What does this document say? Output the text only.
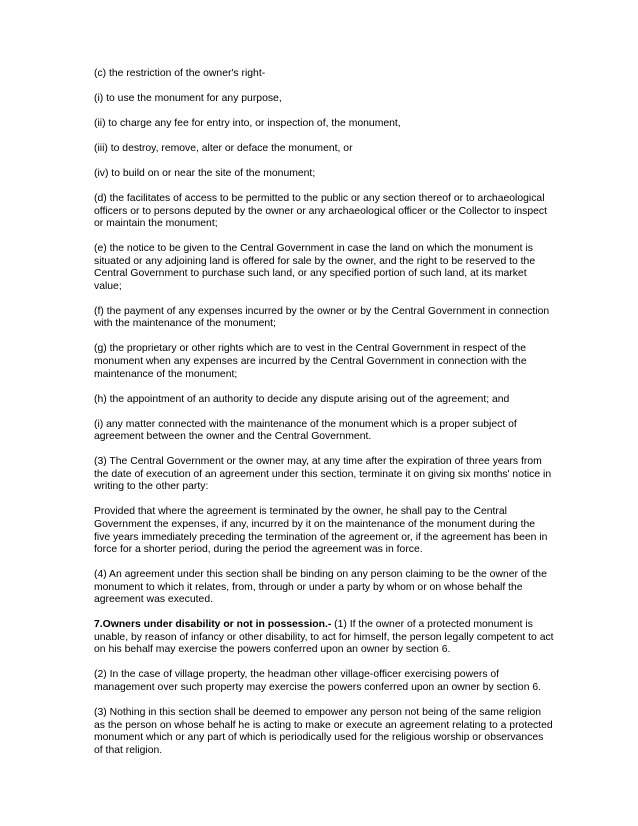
(c) the restriction of the owner's right-

(i) to use the monument for any purpose,

(ii) to charge any fee for entry into, or inspection of, the monument,

(iii) to destroy, remove, alter or deface the monument, or

(iv) to build on or near the site of the monument;

(d) the facilitates of access to be permitted to the public or any section thereof or to archaeological officers or to persons deputed by the owner or any archaeological officer or the Collector to inspect or maintain the monument;

(e) the notice to be given to the Central Government in case the land on which the monument is situated or any adjoining land is offered for sale by the owner, and the right to be reserved to the Central Government to purchase such land, or any specified portion of such land, at its market value;

(f) the payment of any expenses incurred by the owner or by the Central Government in connection with the maintenance of the monument;

(g) the proprietary or other rights which are to vest in the Central Government in respect of the monument when any expenses are incurred by the Central Government in connection with the maintenance of the monument;

(h) the appointment of an authority to decide any dispute arising out of the agreement; and

(i) any matter connected with the maintenance of the monument which is a proper subject of agreement between the owner and the Central Government.

(3) The Central Government or the owner may, at any time after the expiration of three years from the date of execution of an agreement under this section, terminate it on giving six months' notice in writing to the other party:

Provided that where the agreement is terminated by the owner, he shall pay to the Central Government the expenses, if any, incurred by it on the maintenance of the monument during the five years immediately preceding the termination of the agreement or, if the agreement has been in force for a shorter period, during the period the agreement was in force.

(4) An agreement under this section shall be binding on any person claiming to be the owner of the monument to which it relates, from, through or under a party by whom or on whose behalf the agreement was executed.

7.Owners under disability or not in possession.- (1) If the owner of a protected monument is unable, by reason of infancy or other disability, to act for himself, the person legally competent to act on his behalf may exercise the powers conferred upon an owner by section 6.

(2) In the case of village property, the headman other village-officer exercising powers of management over such property may exercise the powers conferred upon an owner by section 6.

(3) Nothing in this section shall be deemed to empower any person not being of the same religion as the person on whose behalf he is acting to make or execute an agreement relating to a protected monument which or any part of which is periodically used for the religious worship or observances of that religion.
